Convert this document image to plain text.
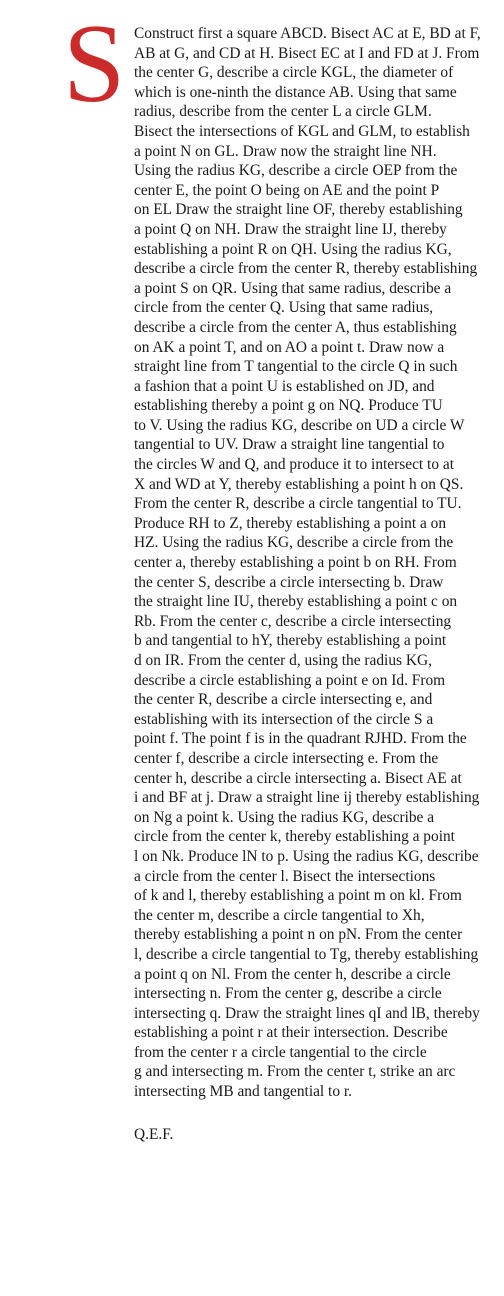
S Construct first a square ABCD. Bisect AC at E, BD at F,
AB at G, and CD at H. Bisect EC at I and FD at J. From
the center G, describe a circle KGL, the diameter of
which is one-ninth the distance AB. Using that same
radius, describe from the center L a circle GLM.
Bisect the intersections of KGL and GLM, to establish
a point N on GL. Draw now the straight line NH.
Using the radius KG, describe a circle OEP from the
center E, the point O being on AE and the point P
on EL Draw the straight line OF, thereby establishing
a point Q on NH. Draw the straight line IJ, thereby
establishing a point R on QH. Using the radius KG,
describe a circle from the center R, thereby establishing
a point S on QR. Using that same radius, describe a
circle from the center Q. Using that same radius,
describe a circle from the center A, thus establishing
on AK a point T, and on AO a point t. Draw now a
straight line from T tangential to the circle Q in such
a fashion that a point U is established on JD, and
establishing thereby a point g on NQ. Produce TU
to V. Using the radius KG, describe on UD a circle W
tangential to UV. Draw a straight line tangential to
the circles W and Q, and produce it to intersect to at
X and WD at Y, thereby establishing a point h on QS.
From the center R, describe a circle tangential to TU.
Produce RH to Z, thereby establishing a point a on
HZ. Using the radius KG, describe a circle from the
center a, thereby establishing a point b on RH. From
the center S, describe a circle intersecting b. Draw
the straight line IU, thereby establishing a point c on
Rb. From the center c, describe a circle intersecting
b and tangential to hY, thereby establishing a point
d on IR. From the center d, using the radius KG,
describe a circle establishing a point e on Id. From
the center R, describe a circle intersecting e, and
establishing with its intersection of the circle S a
point f. The point f is in the quadrant RJHD. From the
center f, describe a circle intersecting e. From the
center h, describe a circle intersecting a. Bisect AE at
i and BF at j. Draw a straight line ij thereby establishing
on Ng a point k. Using the radius KG, describe a
circle from the center k, thereby establishing a point
l on Nk. Produce lN to p. Using the radius KG, describe
a circle from the center l. Bisect the intersections
of k and l, thereby establishing a point m on kl. From
the center m, describe a circle tangential to Xh,
thereby establishing a point n on pN. From the center
l, describe a circle tangential to Tg, thereby establishing
a point q on Nl. From the center h, describe a circle
intersecting n. From the center g, describe a circle
intersecting q. Draw the straight lines qI and lB, thereby
establishing a point r at their intersection. Describe
from the center r a circle tangential to the circle
g and intersecting m. From the center t, strike an arc
intersecting MB and tangential to r.

Q.E.F.
